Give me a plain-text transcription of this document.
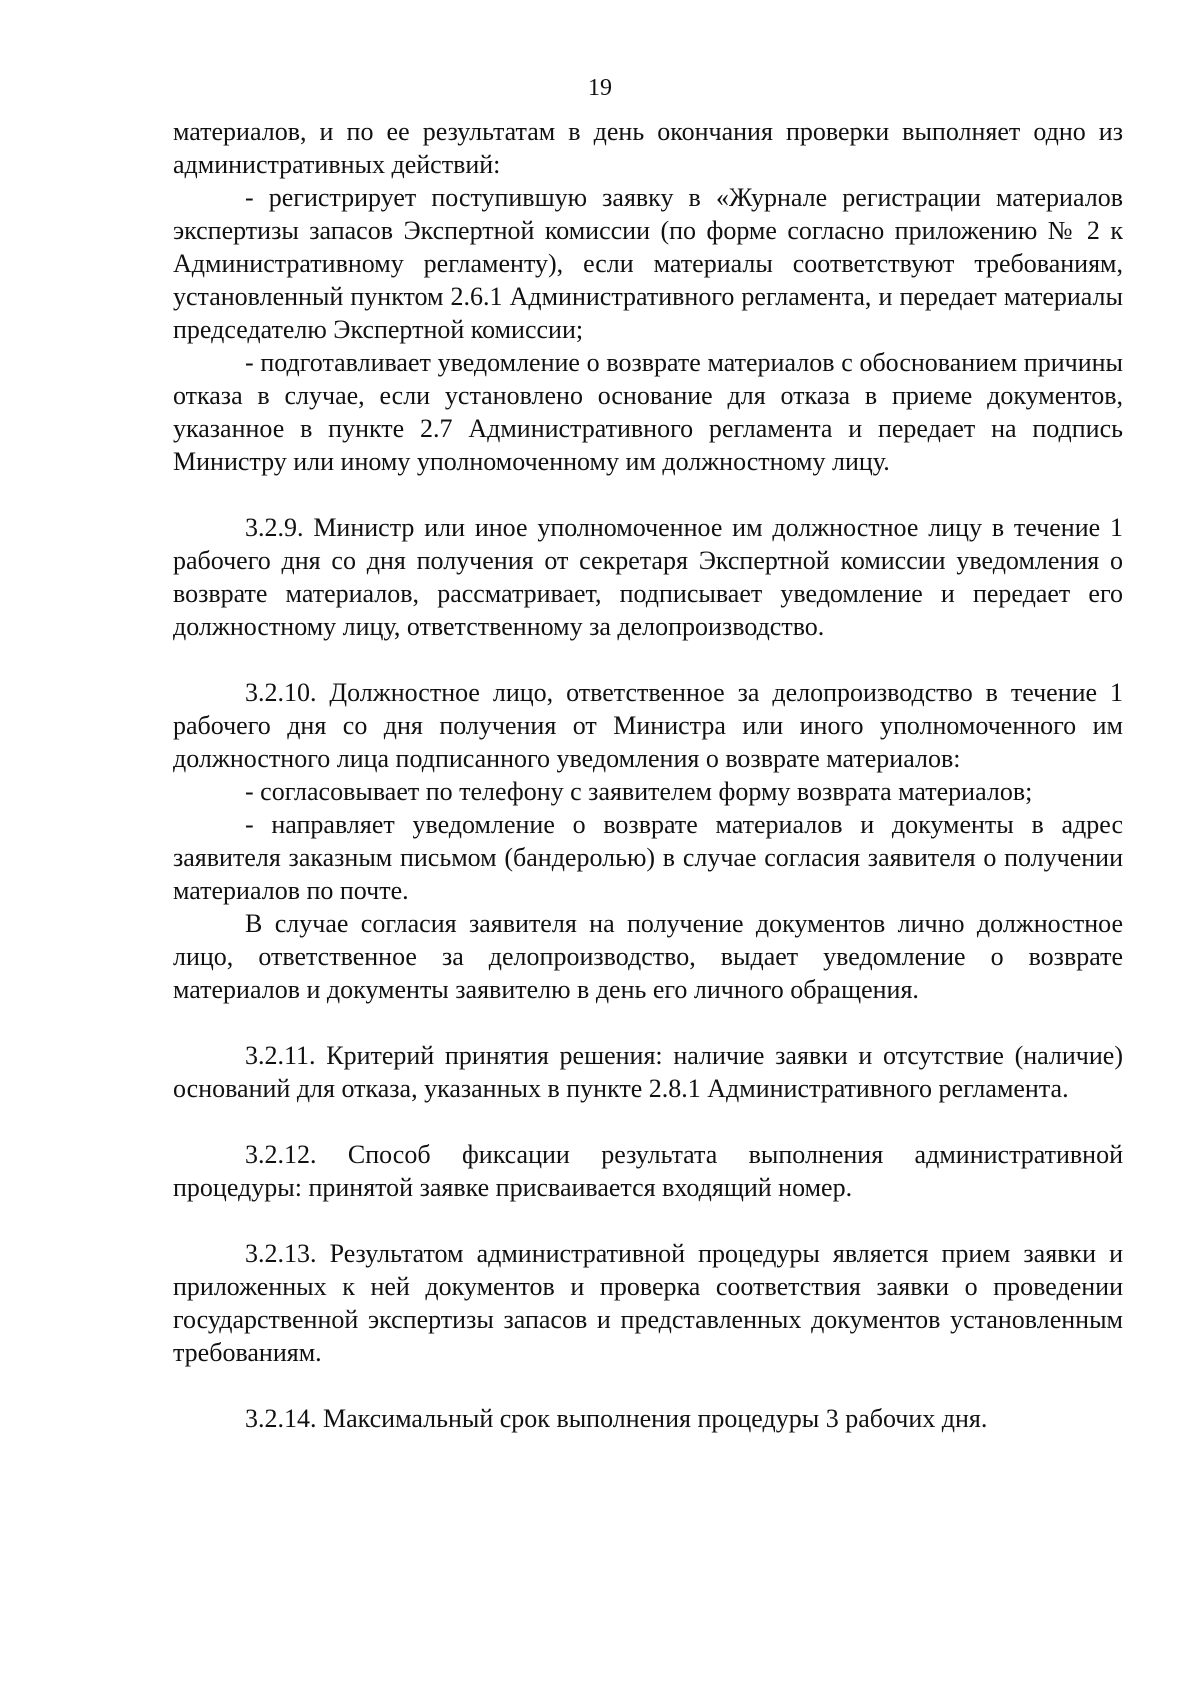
19

материалов, и по ее результатам в день окончания проверки выполняет одно из административных действий:

- регистрирует поступившую заявку в «Журнале регистрации материалов экспертизы запасов Экспертной комиссии (по форме согласно приложению № 2 к Административному регламенту), если материалы соответствуют требованиям, установленный пунктом 2.6.1 Административного регламента, и передает материалы председателю Экспертной комиссии;

- подготавливает уведомление о возврате материалов с обоснованием причины отказа в случае, если установлено основание для отказа в приеме документов, указанное в пункте 2.7 Административного регламента и передает на подпись Министру или иному уполномоченному им должностному лицу.

3.2.9. Министр или иное уполномоченное им должностное лицу в течение 1 рабочего дня со дня получения от секретаря Экспертной комиссии уведомления о возврате материалов, рассматривает, подписывает уведомление и передает его должностному лицу, ответственному за делопроизводство.

3.2.10. Должностное лицо, ответственное за делопроизводство в течение 1 рабочего дня со дня получения от Министра или иного уполномоченного им должностного лица подписанного уведомления о возврате материалов:

- согласовывает по телефону с заявителем форму возврата материалов;

- направляет уведомление о возврате материалов и документы в адрес заявителя заказным письмом (бандеролью) в случае согласия заявителя о получении материалов по почте.

В случае согласия заявителя на получение документов лично должностное лицо, ответственное за делопроизводство, выдает уведомление о возврате материалов и документы заявителю в день его личного обращения.

3.2.11. Критерий принятия решения: наличие заявки и отсутствие (наличие) оснований для отказа, указанных в пункте 2.8.1 Административного регламента.

3.2.12. Способ фиксации результата выполнения административной процедуры: принятой заявке присваивается входящий номер.

3.2.13. Результатом административной процедуры является прием заявки и приложенных к ней документов и проверка соответствия заявки о проведении государственной экспертизы запасов и представленных документов установленным требованиям.

3.2.14. Максимальный срок выполнения процедуры 3 рабочих дня.
